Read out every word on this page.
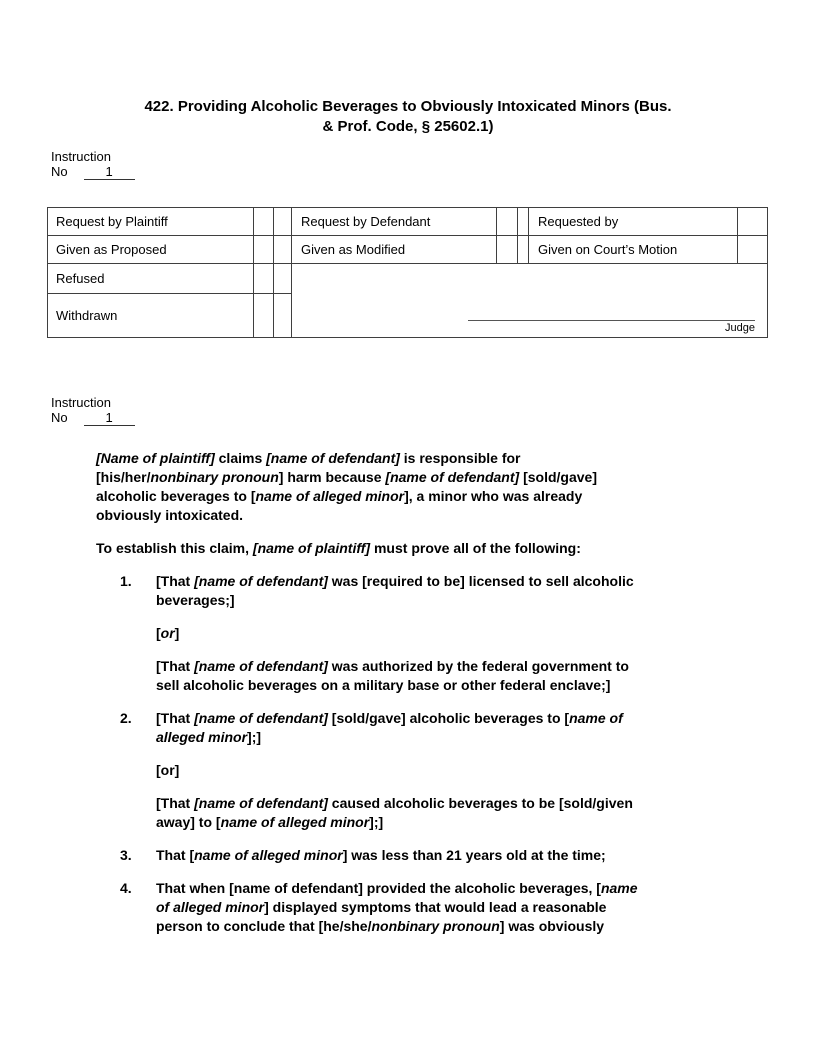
422. Providing Alcoholic Beverages to Obviously Intoxicated Minors (Bus.
& Prof. Code, § 25602.1)
Instruction
No	1
Request by Plaintiff	Request by Defendant	Requested by
Given as Proposed	Given as Modified	Given on Court’s Motion
Refused
Withdrawn
Judge
Instruction
No	1
[Name of plaintiff] claims [name of defendant] is responsible for
[his/her/nonbinary pronoun] harm because [name of defendant] [sold/gave]
alcoholic beverages to [name of alleged minor], a minor who was already
obviously intoxicated.
To establish this claim, [name of plaintiff] must prove all of the following:
1. [That [name of defendant] was [required to be] licensed to sell alcoholic
beverages;]
[or]
[That [name of defendant] was authorized by the federal government to
sell alcoholic beverages on a military base or other federal enclave;]
2. [That [name of defendant] [sold/gave] alcoholic beverages to [name of
alleged minor];]
[or]
[That [name of defendant] caused alcoholic beverages to be [sold/given
away] to [name of alleged minor];]
3. That [name of alleged minor] was less than 21 years old at the time;
4. That when [name of defendant] provided the alcoholic beverages, [name
of alleged minor] displayed symptoms that would lead a reasonable
person to conclude that [he/she/nonbinary pronoun] was obviously
